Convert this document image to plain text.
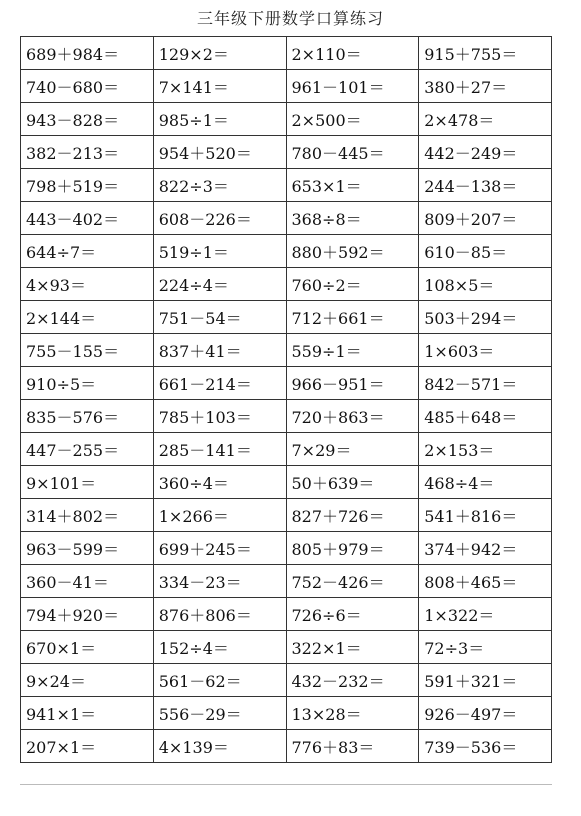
三年级下册数学口算练习
689＋984＝	129×2＝	2×110＝	915＋755＝
740－680＝	7×141＝	961－101＝	380＋27＝
943－828＝	985÷1＝	2×500＝	2×478＝
382－213＝	954＋520＝	780－445＝	442－249＝
798＋519＝	822÷3＝	653×1＝	244－138＝
443－402＝	608－226＝	368÷8＝	809＋207＝
644÷7＝	519÷1＝	880＋592＝	610－85＝
4×93＝	224÷4＝	760÷2＝	108×5＝
2×144＝	751－54＝	712＋661＝	503＋294＝
755－155＝	837＋41＝	559÷1＝	1×603＝
910÷5＝	661－214＝	966－951＝	842－571＝
835－576＝	785＋103＝	720＋863＝	485＋648＝
447－255＝	285－141＝	7×29＝	2×153＝
9×101＝	360÷4＝	50＋639＝	468÷4＝
314＋802＝	1×266＝	827＋726＝	541＋816＝
963－599＝	699＋245＝	805＋979＝	374＋942＝
360－41＝	334－23＝	752－426＝	808＋465＝
794＋920＝	876＋806＝	726÷6＝	1×322＝
670×1＝	152÷4＝	322×1＝	72÷3＝
9×24＝	561－62＝	432－232＝	591＋321＝
941×1＝	556－29＝	13×28＝	926－497＝
207×1＝	4×139＝	776＋83＝	739－536＝
